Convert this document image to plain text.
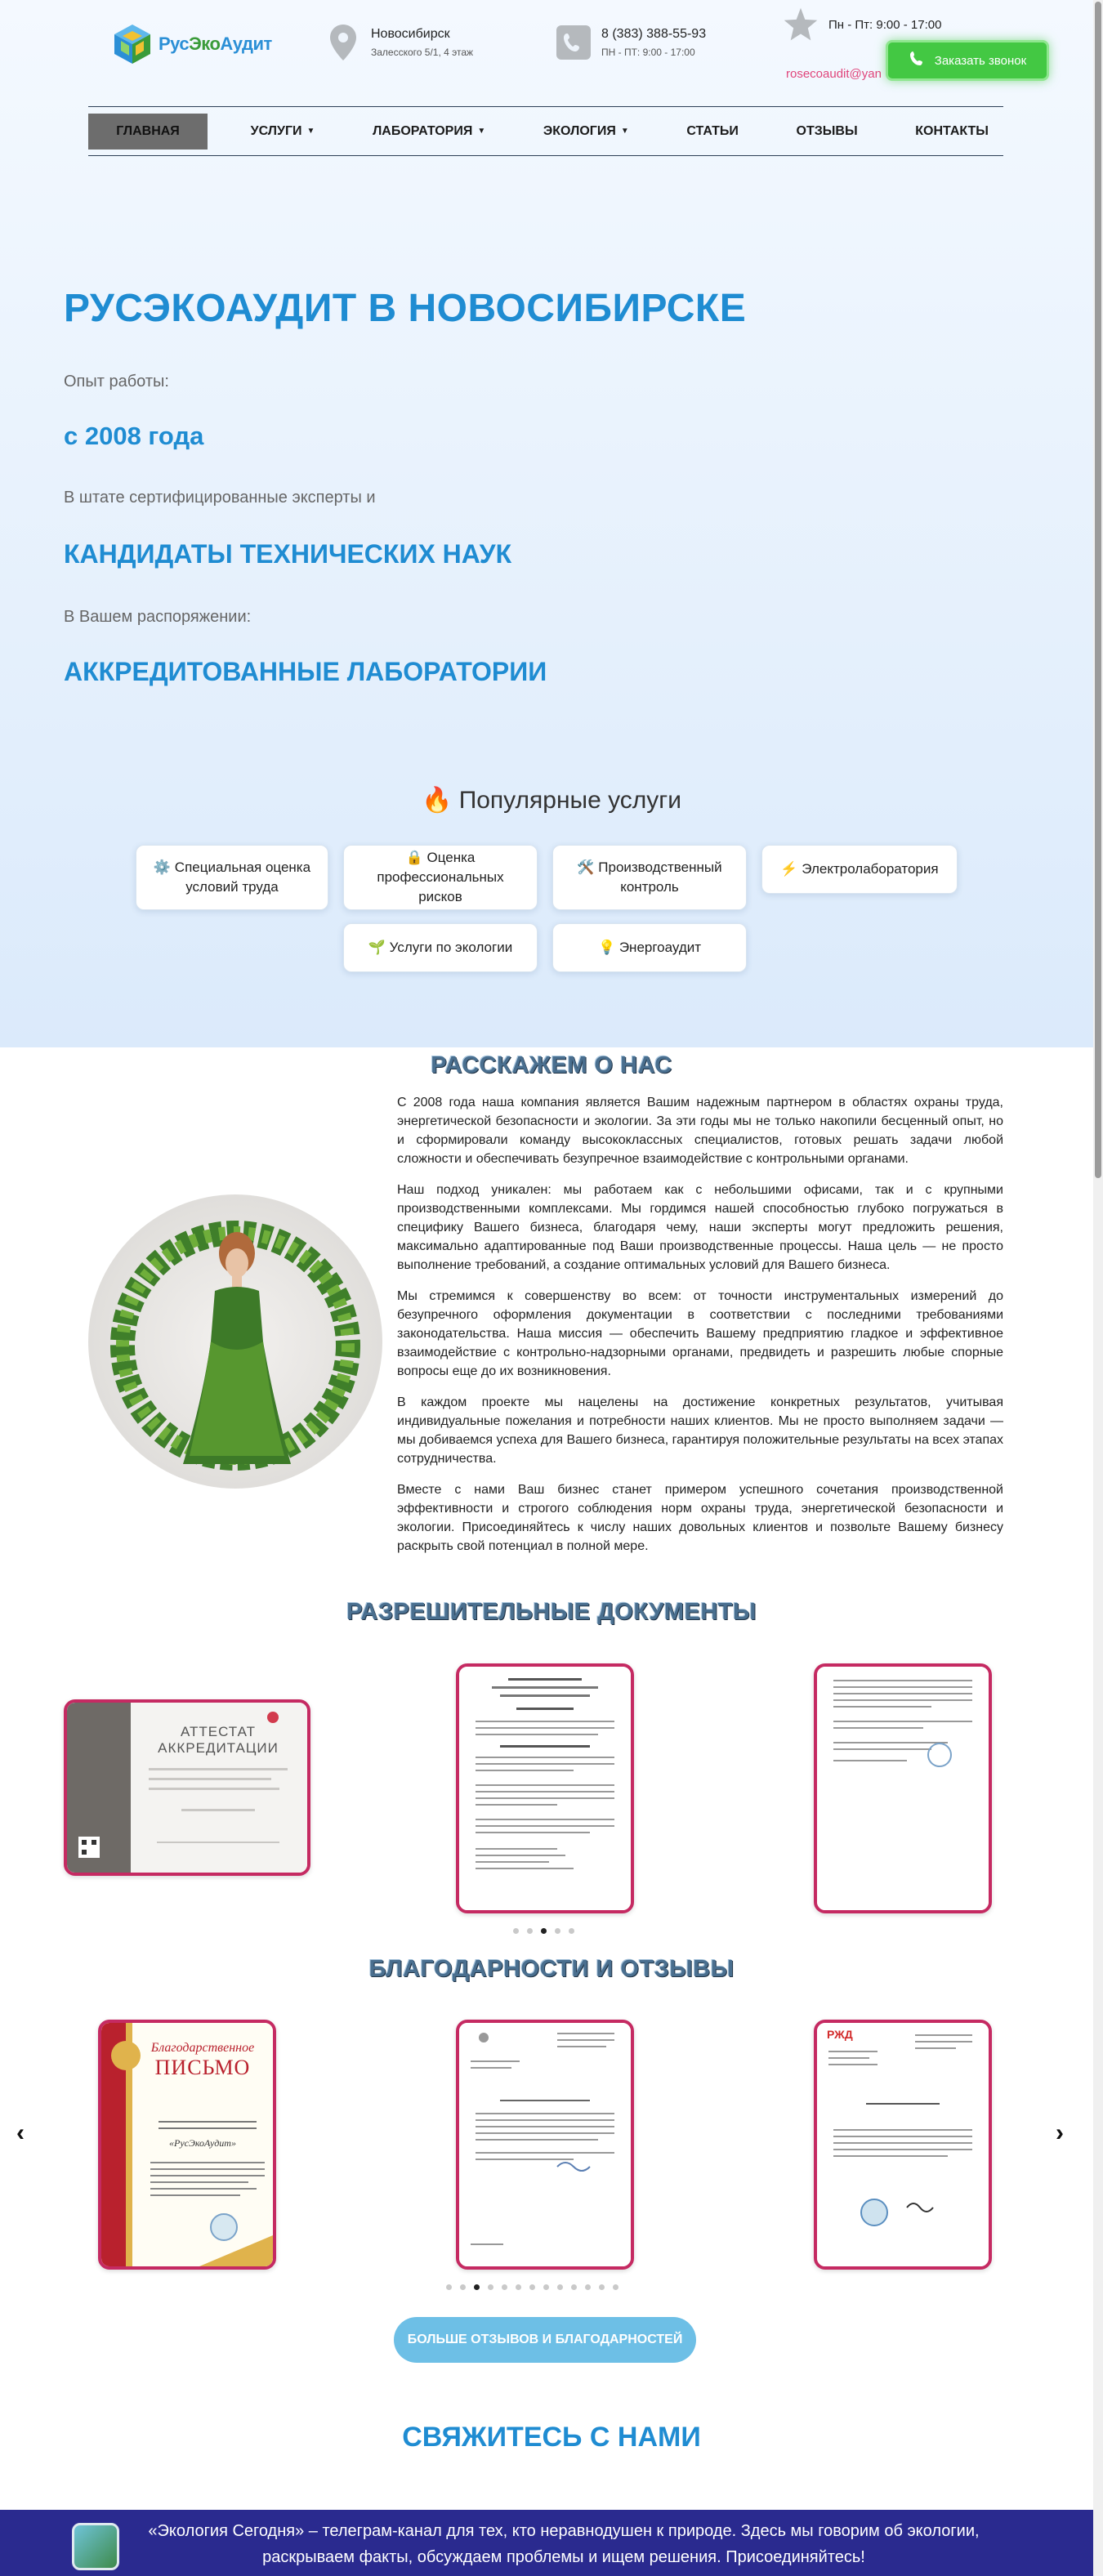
РусЭкоАудит	Новосибирск
Залесского 5/1, 4 этаж
8 (383) 388-55-93
ПН - ПТ: 9:00 - 17:00
Пн - Пт: 9:00 - 17:00
rosecoaudit@yan
Заказать звонок
ГЛАВНАЯ	УСЛУГИ ▼	ЛАБОРАТОРИЯ ▼	ЭКОЛОГИЯ ▼	СТАТЬИ	ОТЗЫВЫ	КОНТАКТЫ
РУСЭКОАУДИТ В НОВОСИБИРСКЕ
Опыт работы:
с 2008 года
В штате сертифицированные эксперты и
КАНДИДАТЫ ТЕХНИЧЕСКИХ НАУК
В Вашем распоряжении:
АККРЕДИТОВАННЫЕ ЛАБОРАТОРИИ
🔥 Популярные услуги
⚙️ Специальная оценка условий труда
🔒 Оценка профессиональных рисков
🛠️ Производственный контроль
⚡ Электролаборатория
🌱 Услуги по экологии	💡 Энергоаудит
РАССКАЖЕМ О НАС

С 2008 года наша компания является Вашим надежным партнером в областях охраны труда, энергетической безопасности и экологии. За эти годы мы не только накопили бесценный опыт, но и сформировали команду высококлассных специалистов, готовых решать задачи любой сложности и обеспечивать безупречное взаимодействие с контрольными органами.

Наш подход уникален: мы работаем как с небольшими офисами, так и с крупными производственными комплексами. Мы гордимся нашей способностью глубоко погружаться в специфику Вашего бизнеса, благодаря чему, наши эксперты могут предложить решения, максимально адаптированные под Ваши производственные процессы. Наша цель — не просто выполнение требований, а создание оптимальных условий для Вашего бизнеса.

Мы стремимся к совершенству во всем: от точности инструментальных измерений до безупречного оформления документации в соответствии с последними требованиями законодательства. Наша миссия — обеспечить Вашему предприятию гладкое и эффективное взаимодействие с контрольно-надзорными органами, предвидеть и разрешить любые спорные вопросы еще до их возникновения.

В каждом проекте мы нацелены на достижение конкретных результатов, учитывая индивидуальные пожелания и потребности наших клиентов. Мы не просто выполняем задачи — мы добиваемся успеха для Вашего бизнеса, гарантируя положительные результаты на всех этапах сотрудничества.

Вместе с нами Ваш бизнес станет примером успешного сочетания производственной эффективности и строгого соблюдения норм охраны труда, энергетической безопасности и экологии. Присоединяйтесь к числу наших довольных клиентов и позвольте Вашему бизнесу раскрыть свой потенциал в полной мере.

РАЗРЕШИТЕЛЬНЫЕ ДОКУМЕНТЫ
АТТЕСТАТ АККРЕДИТАЦИИ
БЛАГОДАРНОСТИ И ОТЗЫВЫ
‹	›
Благодарственное
ПИСЬМО
«РусЭкоАудит»
РЖД
БОЛЬШЕ ОТЗЫВОВ И БЛАГОДАРНОСТЕЙ
СВЯЖИТЕСЬ С НАМИ
«Экология Сегодня» – телеграм-канал для тех, кто неравнодушен к природе. Здесь мы говорим об экологии, раскрываем факты, обсуждаем проблемы и ищем решения. Присоединяйтесь!
